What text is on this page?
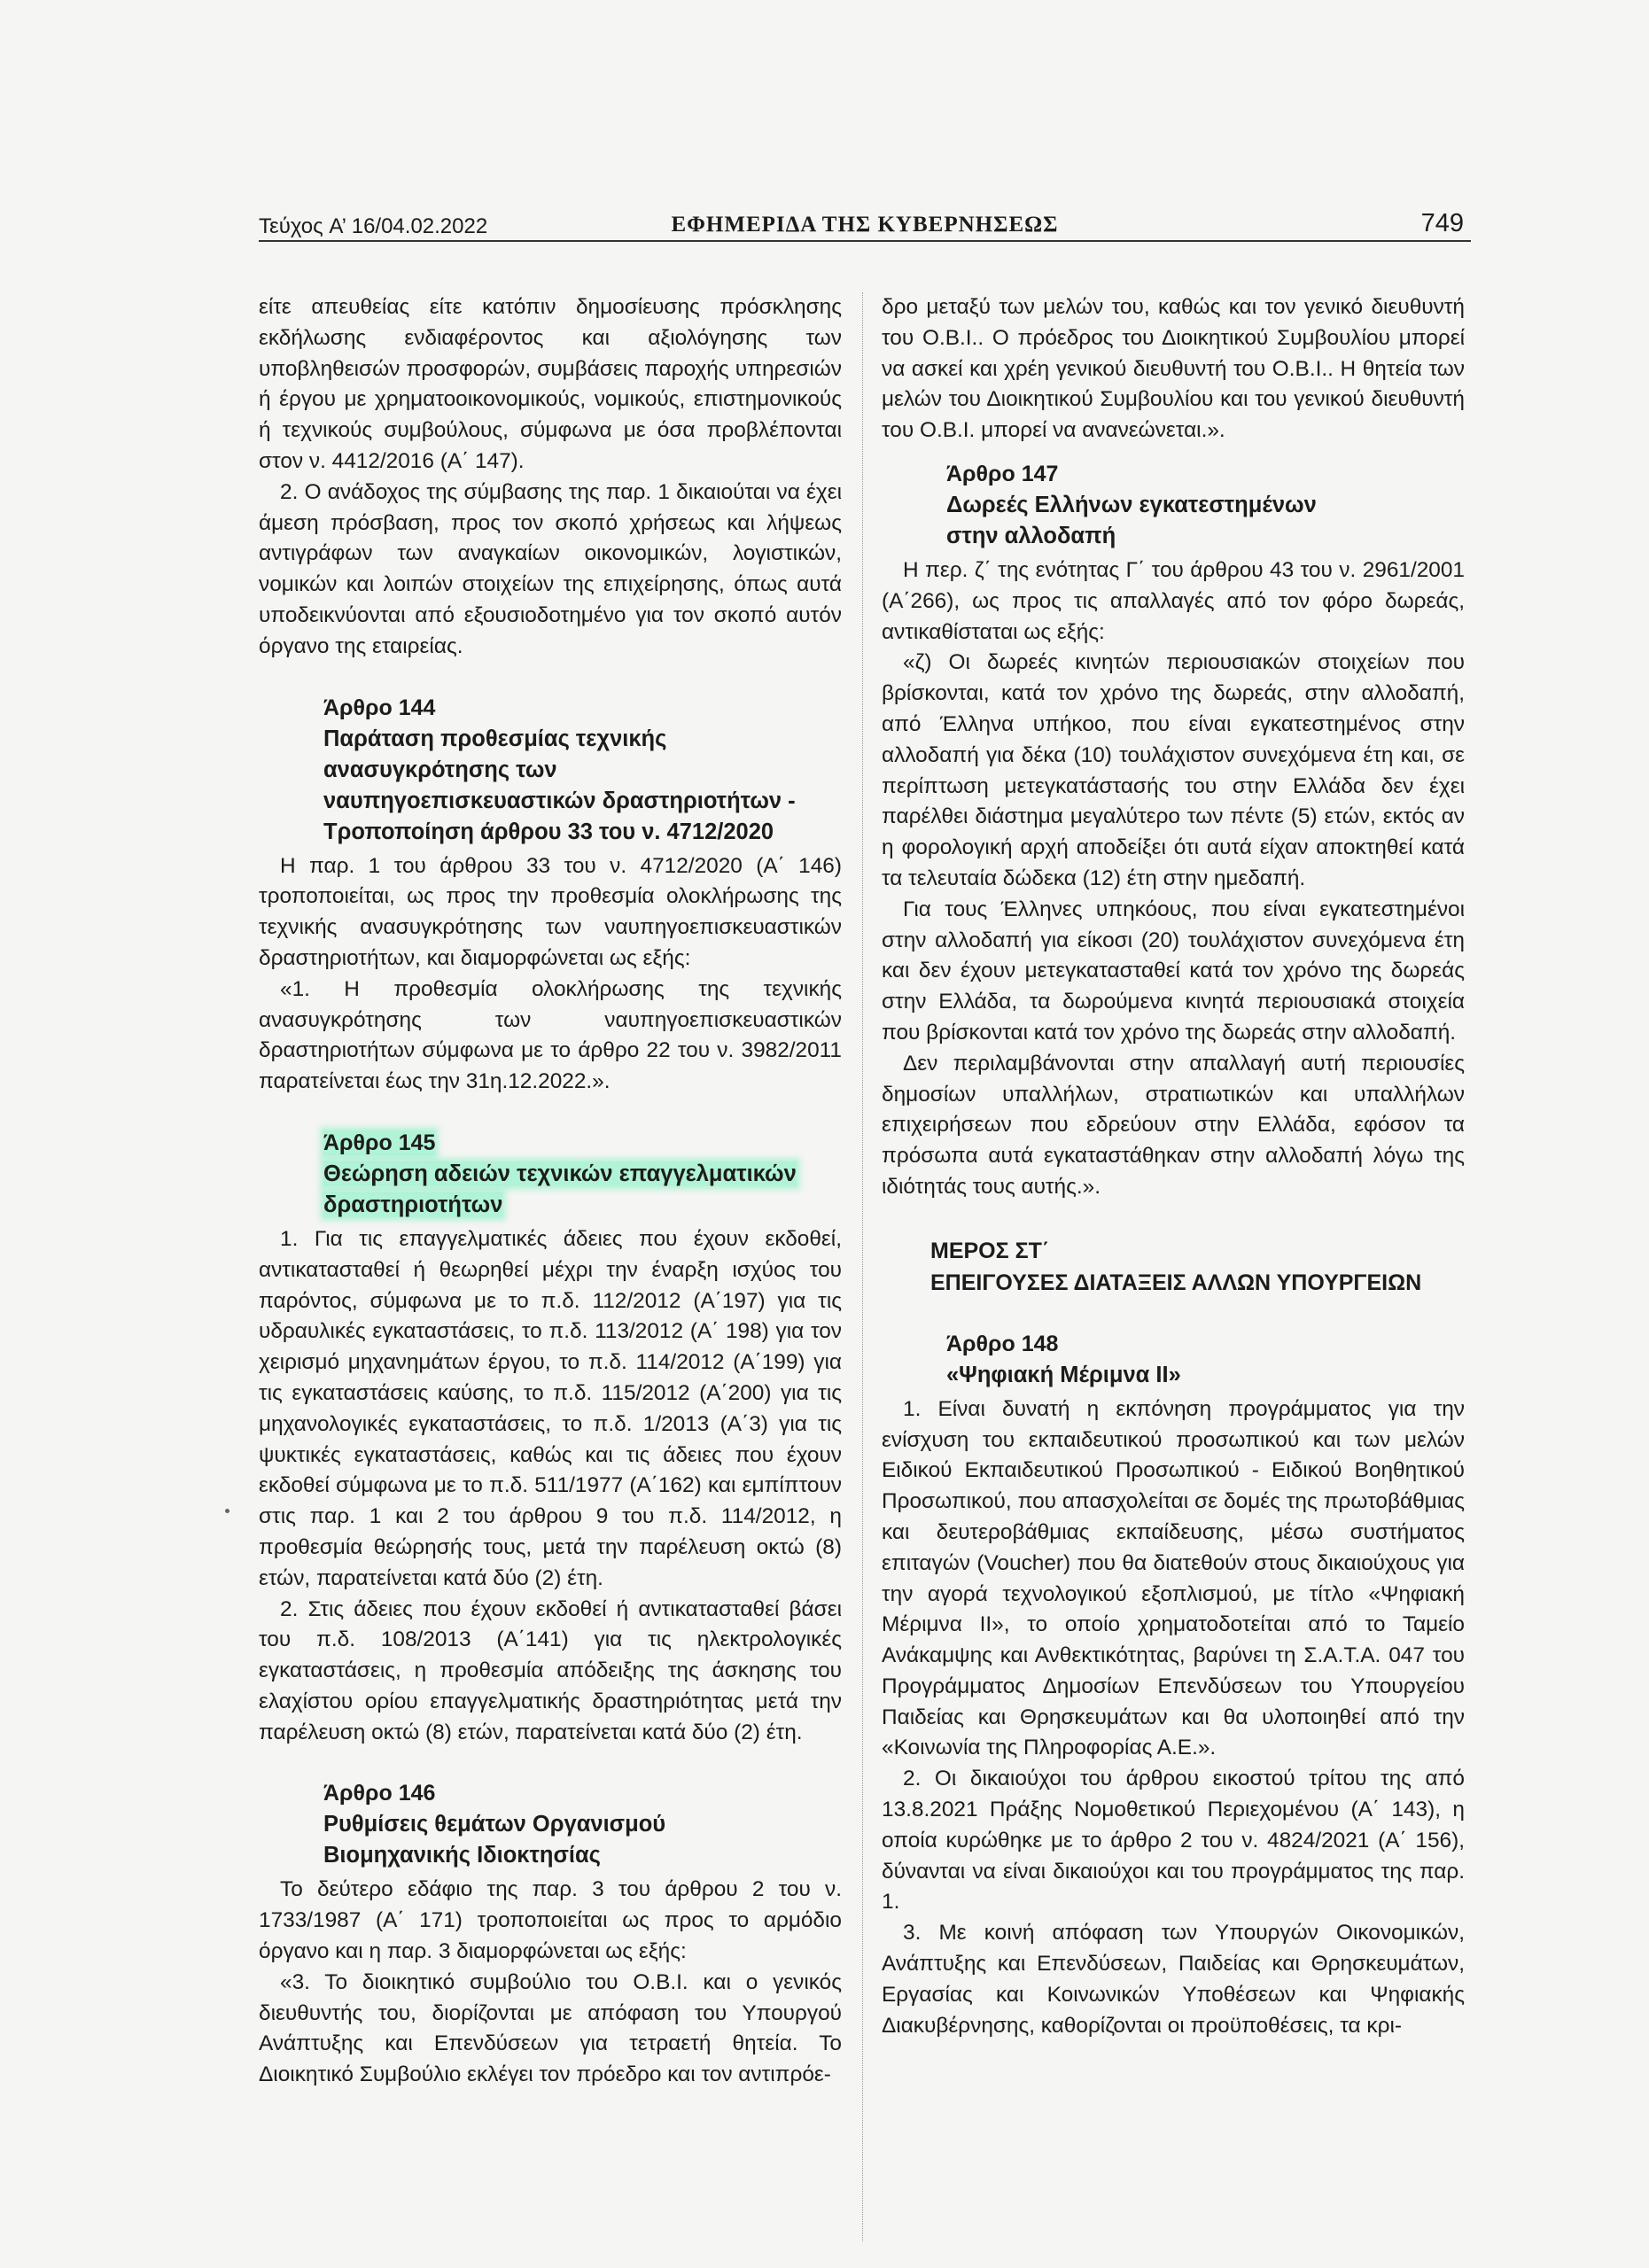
Τεύχος A’ 16/04.02.2022	ΕΦΗΜΕΡΙΔΑ ΤΗΣ ΚΥΒΕΡΝΗΣΕΩΣ	749

είτε απευθείας είτε κατόπιν δημοσίευσης πρόσκλησης εκδήλωσης ενδιαφέροντος και αξιολόγησης των υποβληθεισών προσφορών, συμβάσεις παροχής υπηρεσιών ή έργου με χρηματοοικονομικούς, νομικούς, επιστημονικούς ή τεχνικούς συμβούλους, σύμφωνα με όσα προβλέπονται στον ν. 4412/2016 (Α΄ 147).

2. Ο ανάδοχος της σύμβασης της παρ. 1 δικαιούται να έχει άμεση πρόσβαση, προς τον σκοπό χρήσεως και λήψεως αντιγράφων των αναγκαίων οικονομικών, λογιστικών, νομικών και λοιπών στοιχείων της επιχείρησης, όπως αυτά υποδεικνύονται από εξουσιοδοτημένο για τον σκοπό αυτόν όργανο της εταιρείας.

Άρθρο 144
Παράταση προθεσμίας τεχνικής
ανασυγκρότησης των
ναυπηγοεπισκευαστικών δραστηριοτήτων -
Τροποποίηση άρθρου 33 του ν. 4712/2020

Η παρ. 1 του άρθρου 33 του ν. 4712/2020 (Α΄ 146) τροποποιείται, ως προς την προθεσμία ολοκλήρωσης της τεχνικής ανασυγκρότησης των ναυπηγοεπισκευαστικών δραστηριοτήτων, και διαμορφώνεται ως εξής:

«1. Η προθεσμία ολοκλήρωσης της τεχνικής ανασυγκρότησης των ναυπηγοεπισκευαστικών δραστηριοτήτων σύμφωνα με το άρθρο 22 του ν. 3982/2011 παρατείνεται έως την 31η.12.2022.».

Άρθρο 145
Θεώρηση αδειών τεχνικών επαγγελματικών
δραστηριοτήτων

1. Για τις επαγγελματικές άδειες που έχουν εκδοθεί, αντικατασταθεί ή θεωρηθεί μέχρι την έναρξη ισχύος του παρόντος, σύμφωνα με το π.δ. 112/2012 (Α΄197) για τις υδραυλικές εγκαταστάσεις, το π.δ. 113/2012 (Α΄ 198) για τον χειρισμό μηχανημάτων έργου, το π.δ. 114/2012 (Α΄199) για τις εγκαταστάσεις καύσης, το π.δ. 115/2012 (Α΄200) για τις μηχανολογικές εγκαταστάσεις, το π.δ. 1/2013 (Α΄3) για τις ψυκτικές εγκαταστάσεις, καθώς και τις άδειες που έχουν εκδοθεί σύμφωνα με το π.δ. 511/1977 (Α΄162) και εμπίπτουν στις παρ. 1 και 2 του άρθρου 9 του π.δ. 114/2012, η προθεσμία θεώρησής τους, μετά την παρέλευση οκτώ (8) ετών, παρατείνεται κατά δύο (2) έτη.

2. Στις άδειες που έχουν εκδοθεί ή αντικατασταθεί βάσει του π.δ. 108/2013 (Α΄141) για τις ηλεκτρολογικές εγκαταστάσεις, η προθεσμία απόδειξης της άσκησης του ελαχίστου ορίου επαγγελματικής δραστηριότητας μετά την παρέλευση οκτώ (8) ετών, παρατείνεται κατά δύο (2) έτη.

Άρθρο 146
Ρυθμίσεις θεμάτων Οργανισμού
Βιομηχανικής Ιδιοκτησίας

Το δεύτερο εδάφιο της παρ. 3 του άρθρου 2 του ν. 1733/1987 (Α΄ 171) τροποποιείται ως προς το αρμόδιο όργανο και η παρ. 3 διαμορφώνεται ως εξής:

«3. Το διοικητικό συμβούλιο του Ο.Β.Ι. και ο γενικός διευθυντής του, διορίζονται με απόφαση του Υπουργού Ανάπτυξης και Επενδύσεων για τετραετή θητεία. Το Διοικητικό Συμβούλιο εκλέγει τον πρόεδρο και τον αντιπρόε-

δρο μεταξύ των μελών του, καθώς και τον γενικό διευθυντή του Ο.Β.Ι.. Ο πρόεδρος του Διοικητικού Συμβουλίου μπορεί να ασκεί και χρέη γενικού διευθυντή του Ο.Β.Ι.. Η θητεία των μελών του Διοικητικού Συμβουλίου και του γενικού διευθυντή του Ο.Β.Ι. μπορεί να ανανεώνεται.».

Άρθρο 147
Δωρεές Ελλήνων εγκατεστημένων
στην αλλοδαπή

Η περ. ζ΄ της ενότητας Γ΄ του άρθρου 43 του ν. 2961/2001 (Α΄266), ως προς τις απαλλαγές από τον φόρο δωρεάς, αντικαθίσταται ως εξής:

«ζ) Οι δωρεές κινητών περιουσιακών στοιχείων που βρίσκονται, κατά τον χρόνο της δωρεάς, στην αλλοδαπή, από Έλληνα υπήκοο, που είναι εγκατεστημένος στην αλλοδαπή για δέκα (10) τουλάχιστον συνεχόμενα έτη και, σε περίπτωση μετεγκατάστασής του στην Ελλάδα δεν έχει παρέλθει διάστημα μεγαλύτερο των πέντε (5) ετών, εκτός αν η φορολογική αρχή αποδείξει ότι αυτά είχαν αποκτηθεί κατά τα τελευταία δώδεκα (12) έτη στην ημεδαπή.

Για τους Έλληνες υπηκόους, που είναι εγκατεστημένοι στην αλλοδαπή για είκοσι (20) τουλάχιστον συνεχόμενα έτη και δεν έχουν μετεγκατασταθεί κατά τον χρόνο της δωρεάς στην Ελλάδα, τα δωρούμενα κινητά περιουσιακά στοιχεία που βρίσκονται κατά τον χρόνο της δωρεάς στην αλλοδαπή.

Δεν περιλαμβάνονται στην απαλλαγή αυτή περιουσίες δημοσίων υπαλλήλων, στρατιωτικών και υπαλλήλων επιχειρήσεων που εδρεύουν στην Ελλάδα, εφόσον τα πρόσωπα αυτά εγκαταστάθηκαν στην αλλοδαπή λόγω της ιδιότητάς τους αυτής.».

ΜΕΡΟΣ ΣΤ΄
ΕΠΕΙΓΟΥΣΕΣ ΔΙΑΤΑΞΕΙΣ ΑΛΛΩΝ ΥΠΟΥΡΓΕΙΩΝ
Άρθρο 148
«Ψηφιακή Μέριμνα ΙΙ»

1. Είναι δυνατή η εκπόνηση προγράμματος για την ενίσχυση του εκπαιδευτικού προσωπικού και των μελών Ειδικού Εκπαιδευτικού Προσωπικού - Ειδικού Βοηθητικού Προσωπικού, που απασχολείται σε δομές της πρωτοβάθμιας και δευτεροβάθμιας εκπαίδευσης, μέσω συστήματος επιταγών (Voucher) που θα διατεθούν στους δικαιούχους για την αγορά τεχνολογικού εξοπλισμού, με τίτλο «Ψηφιακή Μέριμνα ΙΙ», το οποίο χρηματοδοτείται από το Ταμείο Ανάκαμψης και Ανθεκτικότητας, βαρύνει τη Σ.Α.Τ.Α. 047 του Προγράμματος Δημοσίων Επενδύσεων του Υπουργείου Παιδείας και Θρησκευμάτων και θα υλοποιηθεί από την «Κοινωνία της Πληροφορίας Α.Ε.».

2. Οι δικαιούχοι του άρθρου εικοστού τρίτου της από 13.8.2021 Πράξης Νομοθετικού Περιεχομένου (Α΄ 143), η οποία κυρώθηκε με το άρθρο 2 του ν. 4824/2021 (Α΄ 156), δύνανται να είναι δικαιούχοι και του προγράμματος της παρ. 1.

3. Με κοινή απόφαση των Υπουργών Οικονομικών, Ανάπτυξης και Επενδύσεων, Παιδείας και Θρησκευμάτων, Εργασίας και Κοινωνικών Υποθέσεων και Ψηφιακής Διακυβέρνησης, καθορίζονται οι προϋποθέσεις, τα κρι-
